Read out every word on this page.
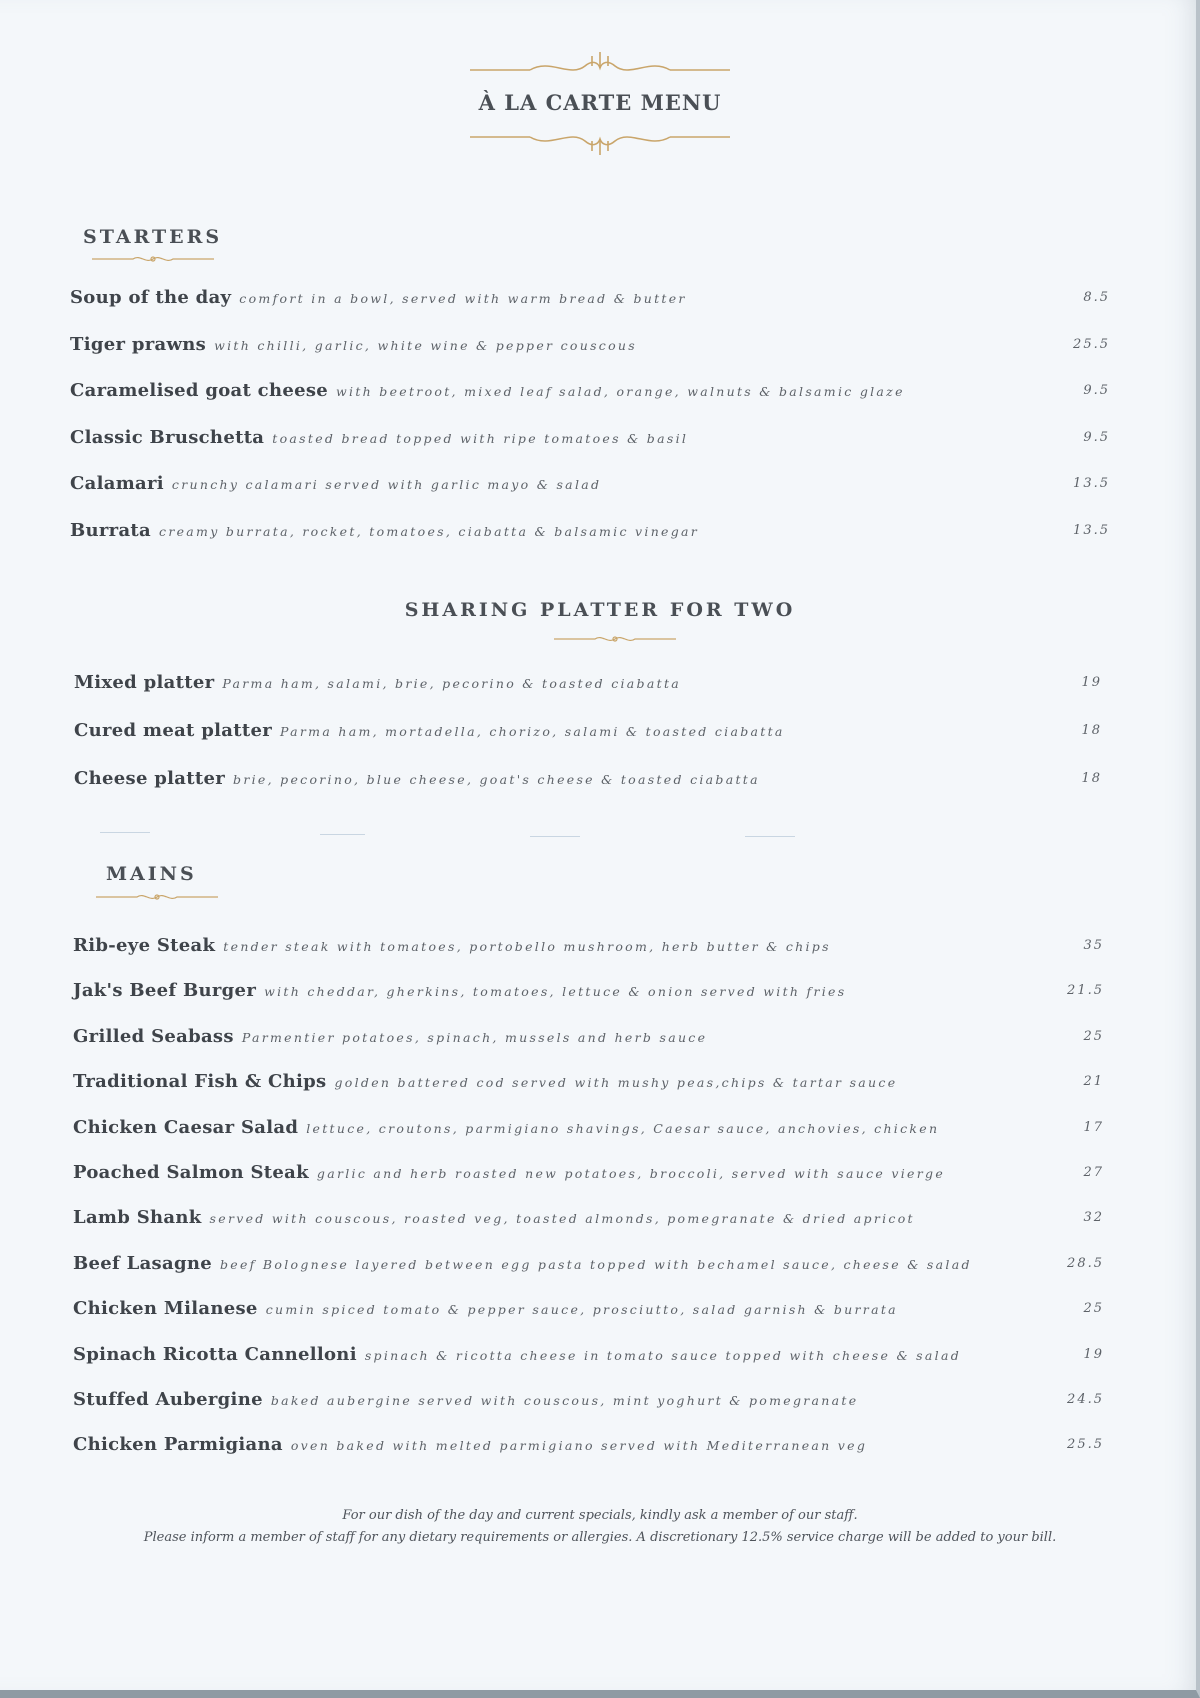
À LA CARTE MENU
STARTERS
Soup of the day comfort in a bowl, served with warm bread & butter	8.5
Tiger prawns with chilli, garlic, white wine & pepper couscous	25.5
Caramelised goat cheese with beetroot, mixed leaf salad, orange, walnuts & balsamic glaze	9.5
Classic Bruschetta toasted bread topped with ripe tomatoes & basil	9.5
Calamari crunchy calamari served with garlic mayo & salad	13.5
Burrata creamy burrata, rocket, tomatoes, ciabatta & balsamic vinegar	13.5
SHARING PLATTER FOR TWO
Mixed platter Parma ham, salami, brie, pecorino & toasted ciabatta	19
Cured meat platter Parma ham, mortadella, chorizo, salami & toasted ciabatta	18
Cheese platter brie, pecorino, blue cheese, goat's cheese & toasted ciabatta	18
MAINS
Rib-eye Steak tender steak with tomatoes, portobello mushroom, herb butter & chips	35
Jak's Beef Burger with cheddar, gherkins, tomatoes, lettuce & onion served with fries	21.5
Grilled Seabass Parmentier potatoes, spinach, mussels and herb sauce	25
Traditional Fish & Chips golden battered cod served with mushy peas,chips & tartar sauce	21
Chicken Caesar Salad lettuce, croutons, parmigiano shavings, Caesar sauce, anchovies, chicken	17
Poached Salmon Steak garlic and herb roasted new potatoes, broccoli, served with sauce vierge	27
Lamb Shank served with couscous, roasted veg, toasted almonds, pomegranate & dried apricot	32
Beef Lasagne beef Bolognese layered between egg pasta topped with bechamel sauce, cheese & salad	28.5
Chicken Milanese cumin spiced tomato & pepper sauce, prosciutto, salad garnish & burrata	25
Spinach Ricotta Cannelloni spinach & ricotta cheese in tomato sauce topped with cheese & salad	19
Stuffed Aubergine baked aubergine served with couscous, mint yoghurt & pomegranate	24.5
Chicken Parmigiana oven baked with melted parmigiano served with Mediterranean veg	25.5
For our dish of the day and current specials, kindly ask a member of our staff.
Please inform a member of staff for any dietary requirements or allergies. A discretionary 12.5% service charge will be added to your bill.
